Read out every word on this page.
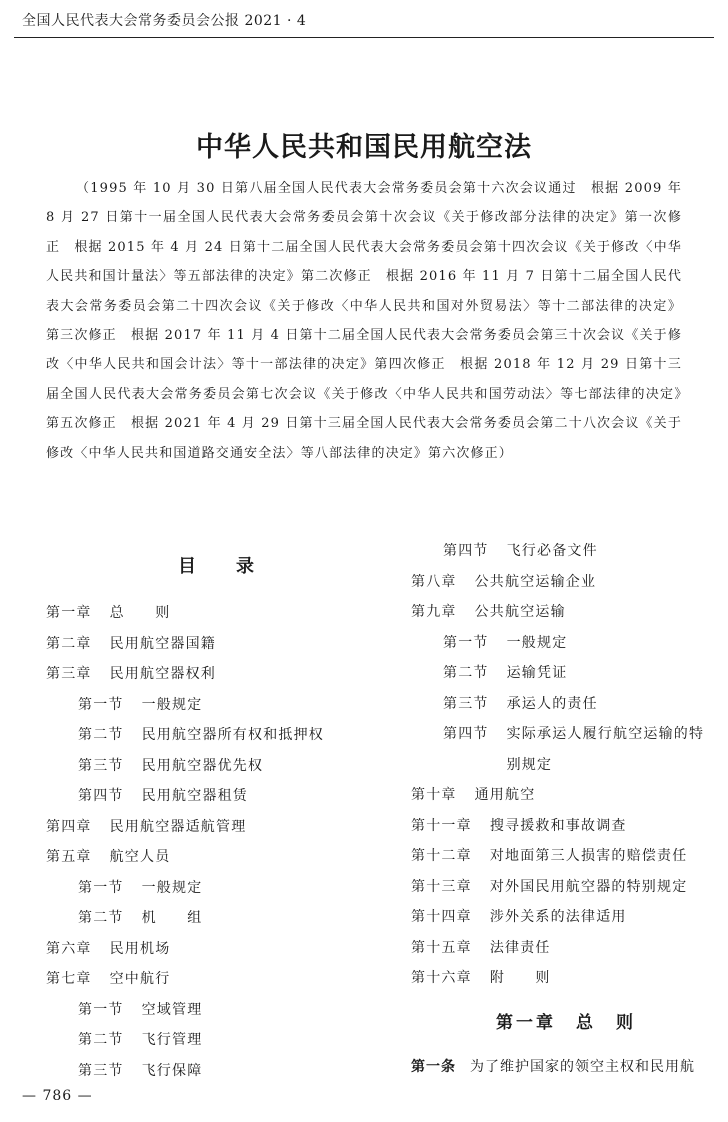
全国人民代表大会常务委员会公报 2021 · 4
中华人民共和国民用航空法

（1995 年 10 月 30 日第八届全国人民代表大会常务委员会第十六次会议通过　根据 2009 年 8 月 27 日第十一届全国人民代表大会常务委员会第十次会议《关于修改部分法律的决定》第一次修正　根据 2015 年 4 月 24 日第十二届全国人民代表大会常务委员会第十四次会议《关于修改〈中华人民共和国计量法〉等五部法律的决定》第二次修正　根据 2016 年 11 月 7 日第十二届全国人民代表大会常务委员会第二十四次会议《关于修改〈中华人民共和国对外贸易法〉等十二部法律的决定》第三次修正　根据 2017 年 11 月 4 日第十二届全国人民代表大会常务委员会第三十次会议《关于修改〈中华人民共和国会计法〉等十一部法律的决定》第四次修正　根据 2018 年 12 月 29 日第十三届全国人民代表大会常务委员会第七次会议《关于修改〈中华人民共和国劳动法〉等七部法律的决定》第五次修正　根据 2021 年 4 月 29 日第十三届全国人民代表大会常务委员会第二十八次会议《关于修改〈中华人民共和国道路交通安全法〉等八部法律的决定》第六次修正）

目录
第一章 总　　则
第二章 民用航空器国籍
第三章 民用航空器权利
第一节 一般规定
第二节 民用航空器所有权和抵押权
第三节 民用航空器优先权
第四节 民用航空器租赁
第四章 民用航空器适航管理
第五章 航空人员
第一节 一般规定
第二节 机　　组
第六章 民用机场
第七章 空中航行
第一节 空域管理
第二节 飞行管理
第三节 飞行保障
第四节 飞行必备文件
第八章 公共航空运输企业
第九章 公共航空运输
第一节 一般规定
第二节 运输凭证
第三节 承运人的责任
第四节 实际承运人履行航空运输的特别规定
第十章 通用航空
第十一章 搜寻援救和事故调查
第十二章 对地面第三人损害的赔偿责任
第十三章 对外国民用航空器的特别规定
第十四章 涉外关系的法律适用
第十五章 法律责任
第十六章 附　　则
第一章 总　则
第一条 为了维护国家的领空主权和民用航
— 786 —
